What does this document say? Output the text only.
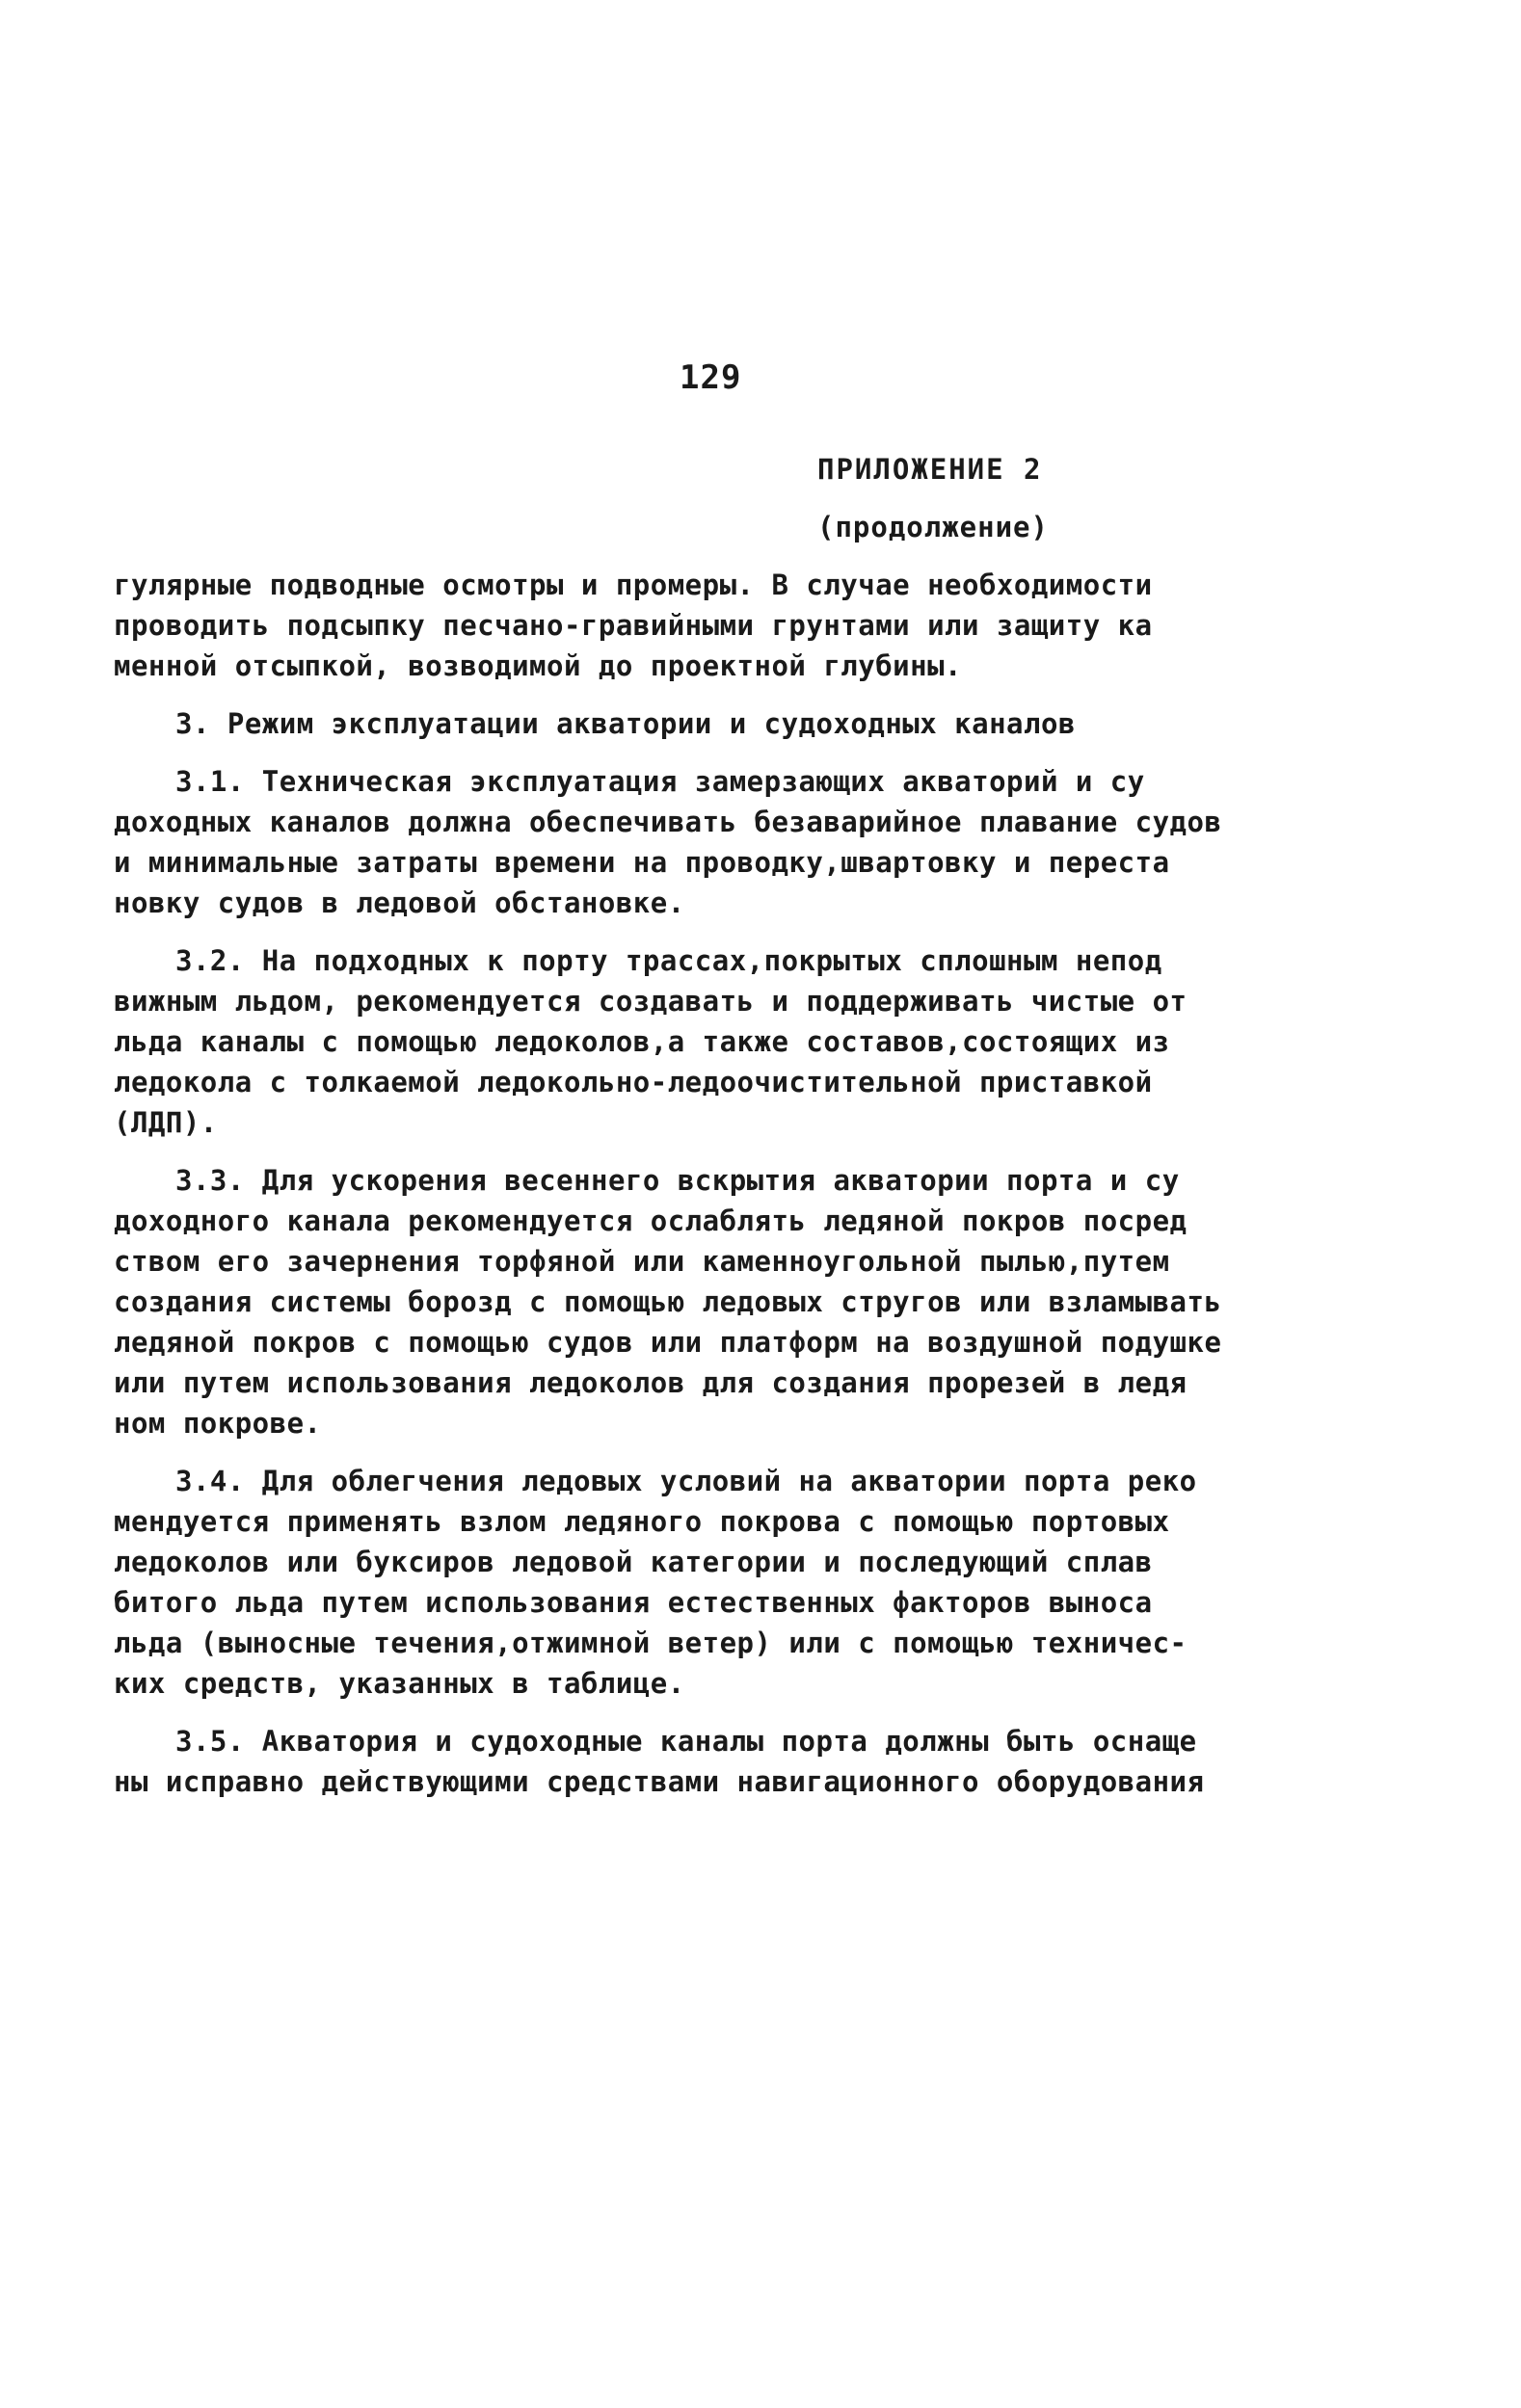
129
ПРИЛОЖЕНИЕ 2
(продолжение)
гулярные подводные осмотры и промеры. В случае необходимости
проводить подсыпку песчано-гравийными грунтами или защиту ка
менной отсыпкой, возводимой до проектной глубины.
3. Режим эксплуатации акватории и судоходных каналов
3.1. Техническая эксплуатация замерзающих акваторий и су
доходных каналов должна обеспечивать безаварийное плавание судов
и минимальные затраты времени на проводку,швартовку и переста
новку судов в ледовой обстановке.
3.2. На подходных к порту трассах,покрытых сплошным непод
вижным льдом, рекомендуется создавать и поддерживать чистые от
льда каналы с помощью ледоколов,а также составов,состоящих из
ледокола с толкаемой ледокольно-ледоочистительной приставкой
(ЛДП).
3.3. Для ускорения весеннего вскрытия акватории порта и су
доходного канала рекомендуется ослаблять ледяной покров посред
ством его зачернения торфяной или каменноугольной пылью,путем
создания системы борозд с помощью ледовых стругов или взламывать
ледяной покров с помощью судов или платформ на воздушной подушке
или путем использования ледоколов для создания прорезей в ледя
ном покрове.
3.4. Для облегчения ледовых условий на акватории порта реко
мендуется применять взлом ледяного покрова с помощью портовых
ледоколов или буксиров ледовой категории и последующий сплав
битого льда путем использования естественных факторов выноса
льда (выносные течения,отжимной ветер) или с помощью техничес-
ких средств, указанных в таблице.
3.5. Акватория и судоходные каналы порта должны быть оснаще
ны исправно действующими средствами навигационного оборудования
